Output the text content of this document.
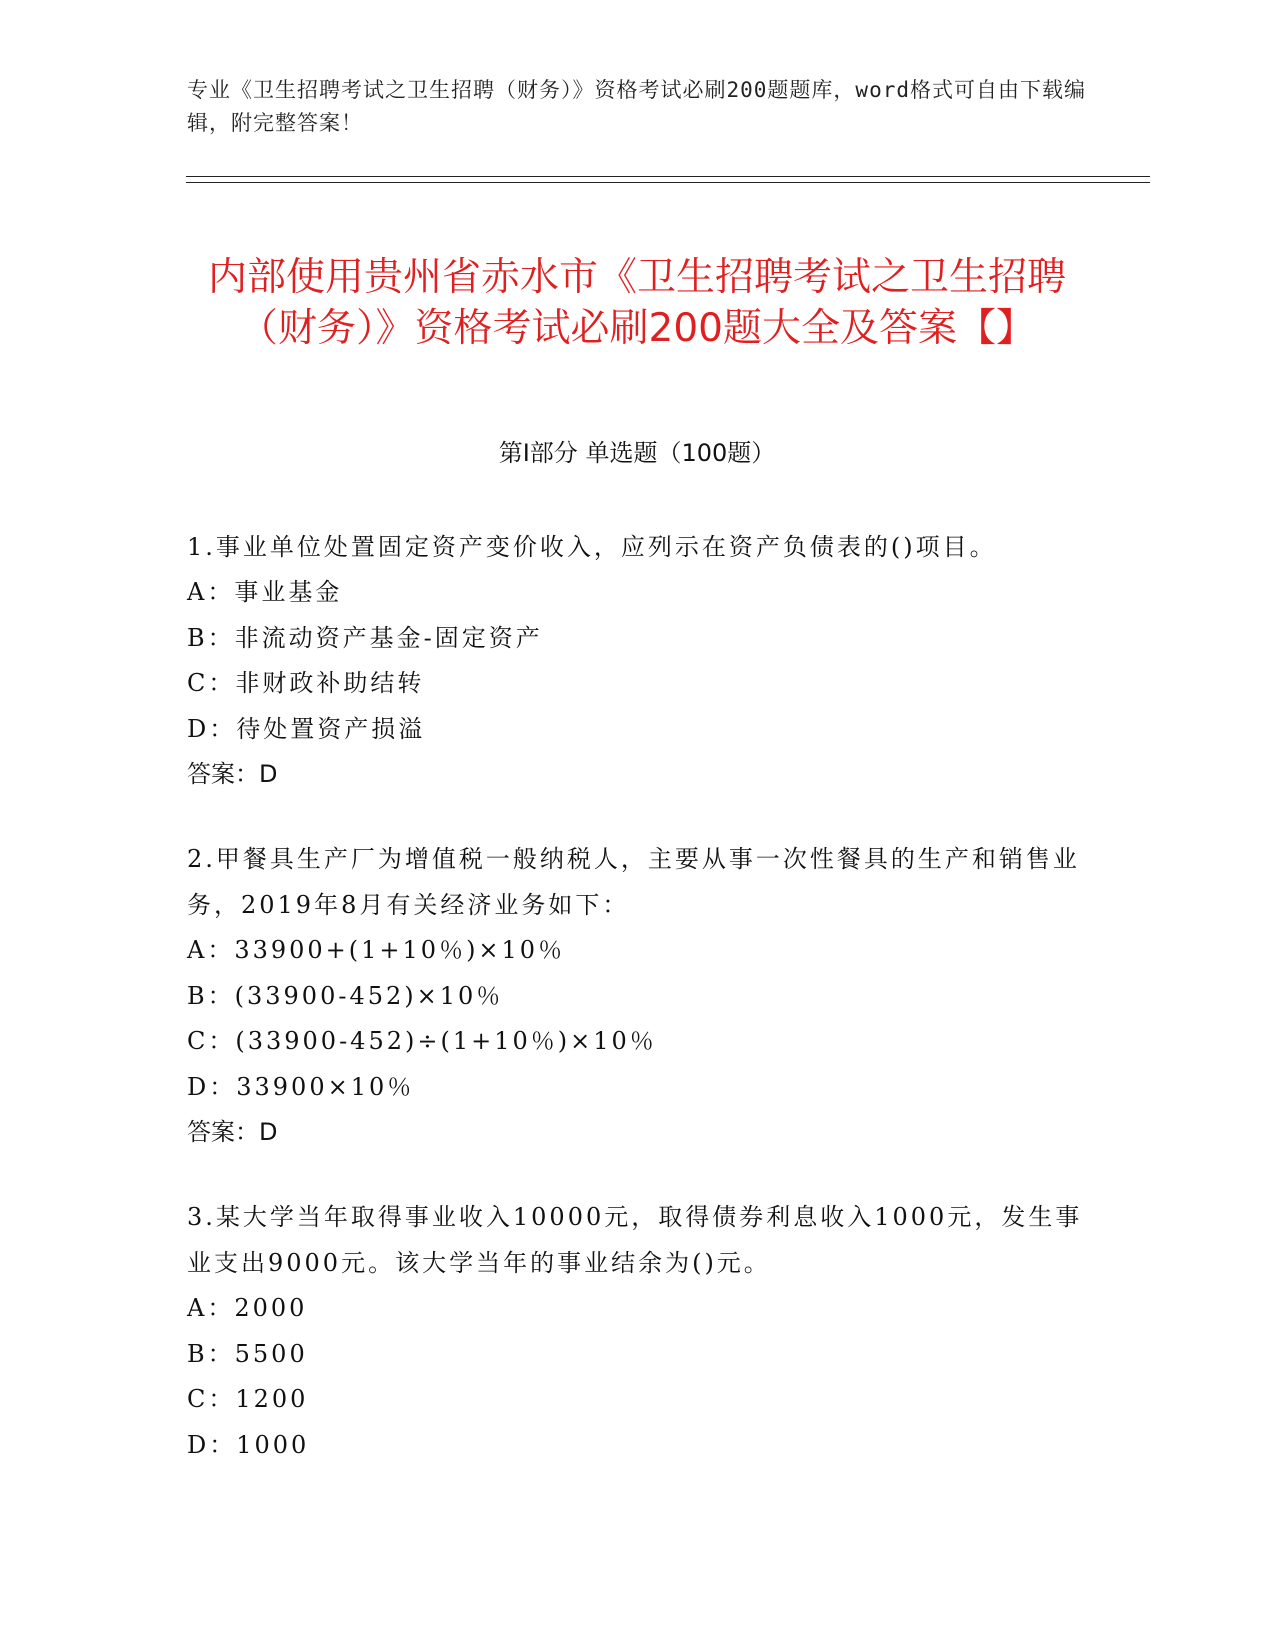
专业《卫生招聘考试之卫生招聘（财务）》资格考试必刷200题题库，word格式可自由下载编辑，附完整答案！
内部使用贵州省赤水市《卫生招聘考试之卫生招聘（财务）》资格考试必刷200题大全及答案【】
第Ⅰ部分 单选题（100题）
1.事业单位处置固定资产变价收入，应列示在资产负债表的()项目。
A：事业基金
B：非流动资产基金-固定资产
C：非财政补助结转
D：待处置资产损溢
答案：D
2.甲餐具生产厂为增值税一般纳税人，主要从事一次性餐具的生产和销售业务，2019年8月有关经济业务如下：
A：33900+(1+10％)×10％
B：(33900-452)×10％
C：(33900-452)÷(1+10％)×10％
D：33900×10％
答案：D
3.某大学当年取得事业收入10000元，取得债券利息收入1000元，发生事业支出9000元。该大学当年的事业结余为()元。
A：2000
B：5500
C：1200
D：1000
